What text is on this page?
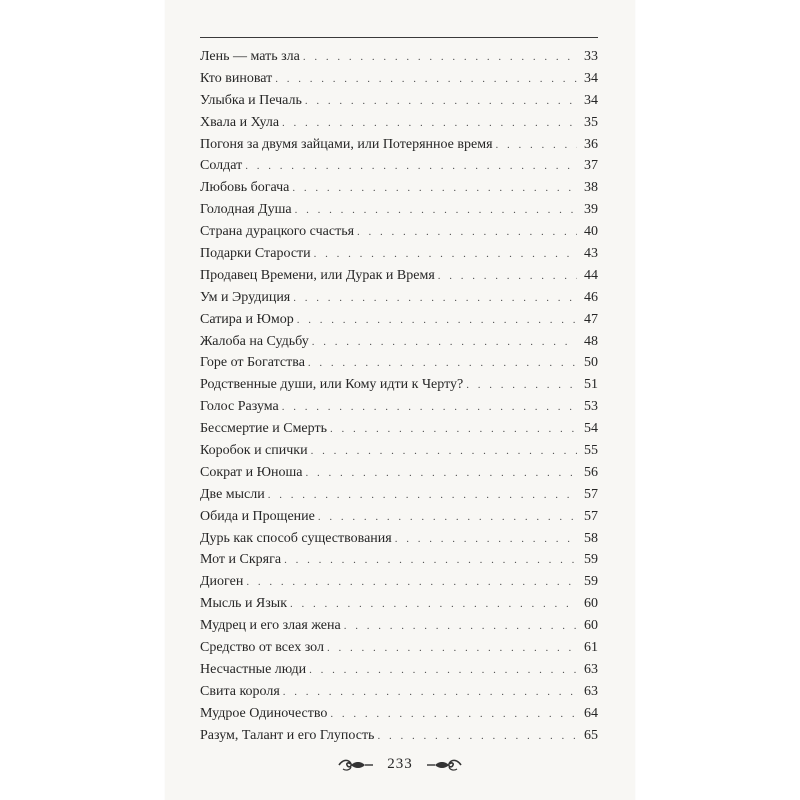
Лень — мать зла . . .	33
Кто виноват . . .	34
Улыбка и Печаль . . .	34
Хвала и Хула . . .	35
Погоня за двумя зайцами, или Потерянное время . . .	36
Солдат . . .	37
Любовь богача . . .	38
Голодная Душа . . .	39
Страна дурацкого счастья . . .	40
Подарки Старости . . .	43
Продавец Времени, или Дурак и Время . . .	44
Ум и Эрудиция . . .	46
Сатира и Юмор . . .	47
Жалоба на Судьбу . . .	48
Горе от Богатства . . .	50
Родственные души, или Кому идти к Черту? . . .	51
Голос Разума . . .	53
Бессмертие и Смерть . . .	54
Коробок и спички . . .	55
Сократ и Юноша . . .	56
Две мысли . . .	57
Обида и Прощение . . .	57
Дурь как способ существования . . .	58
Мот и Скряга . . .	59
Диоген . . .	59
Мысль и Язык . . .	60
Мудрец и его злая жена . . .	60
Средство от всех зол . . .	61
Несчастные люди . . .	63
Свита короля . . .	63
Мудрое Одиночество . . .	64
Разум, Талант и его Глупость . . .	65
233
